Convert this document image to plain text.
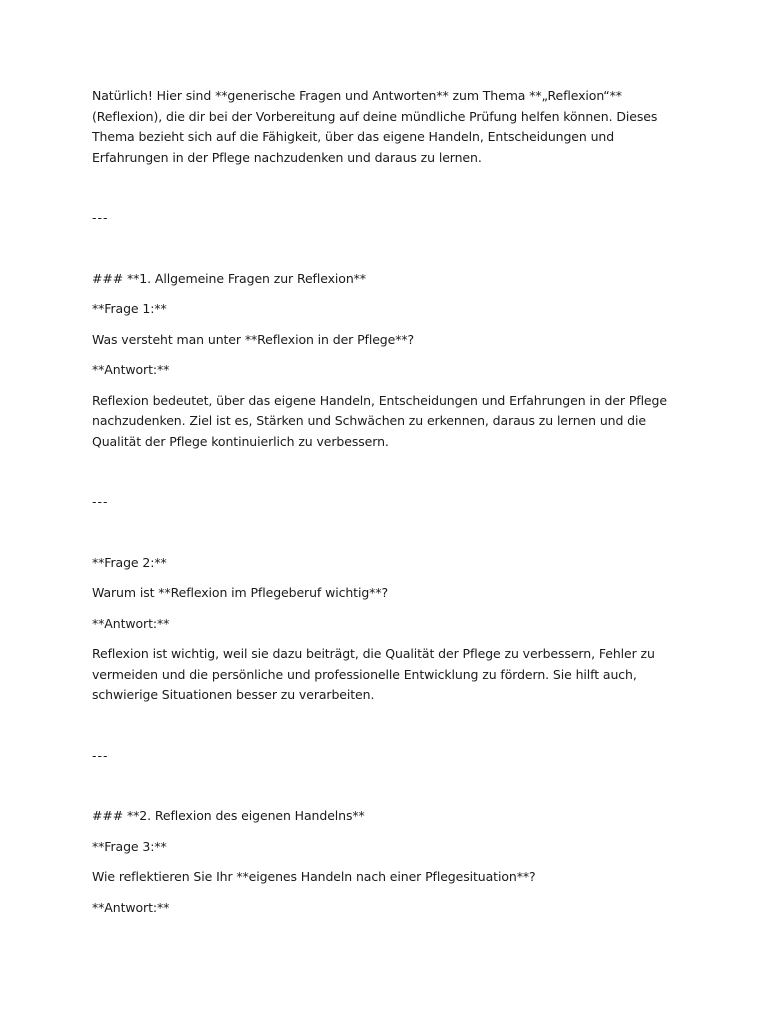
Natürlich! Hier sind **generische Fragen und Antworten** zum Thema **„Reflexion“** (Reflexion), die dir bei der Vorbereitung auf deine mündliche Prüfung helfen können. Dieses Thema bezieht sich auf die Fähigkeit, über das eigene Handeln, Entscheidungen und Erfahrungen in der Pflege nachzudenken und daraus zu lernen.

---

### **1. Allgemeine Fragen zur Reflexion**

**Frage 1:**

Was versteht man unter **Reflexion in der Pflege**?

**Antwort:**

Reflexion bedeutet, über das eigene Handeln, Entscheidungen und Erfahrungen in der Pflege nachzudenken. Ziel ist es, Stärken und Schwächen zu erkennen, daraus zu lernen und die Qualität der Pflege kontinuierlich zu verbessern.

---

**Frage 2:**

Warum ist **Reflexion im Pflegeberuf wichtig**?

**Antwort:**

Reflexion ist wichtig, weil sie dazu beiträgt, die Qualität der Pflege zu verbessern, Fehler zu vermeiden und die persönliche und professionelle Entwicklung zu fördern. Sie hilft auch, schwierige Situationen besser zu verarbeiten.

---

### **2. Reflexion des eigenen Handelns**

**Frage 3:**

Wie reflektieren Sie Ihr **eigenes Handeln nach einer Pflegesituation**?

**Antwort:**
